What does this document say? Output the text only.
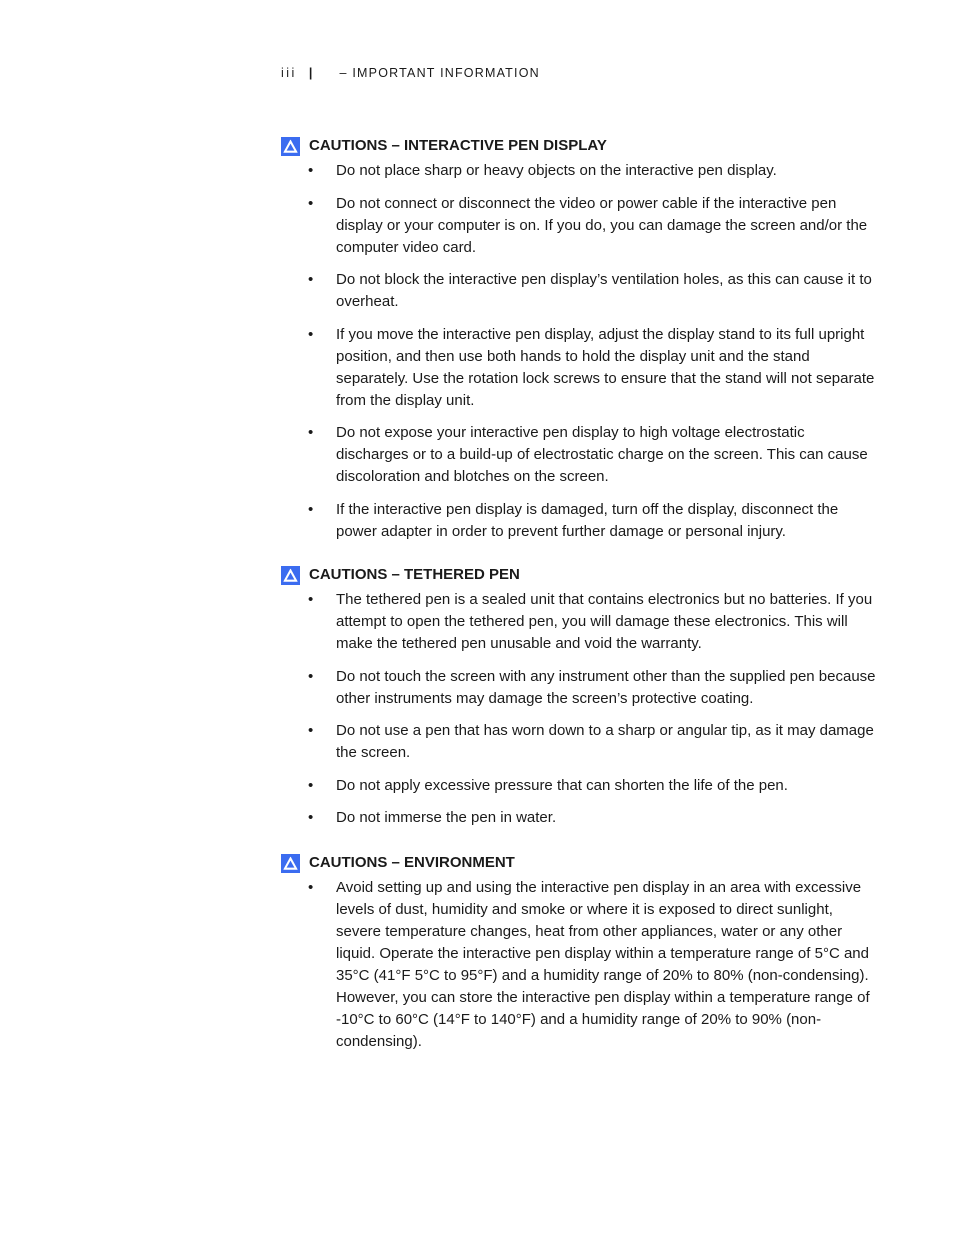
iii | – IMPORTANT INFORMATION
CAUTIONS – INTERACTIVE PEN DISPLAY
• Do not place sharp or heavy objects on the interactive pen display.
• Do not connect or disconnect the video or power cable if the interactive pen display or your computer is on. If you do, you can damage the screen and/or the computer video card.
• Do not block the interactive pen display’s ventilation holes, as this can cause it to overheat.
• If you move the interactive pen display, adjust the display stand to its full upright position, and then use both hands to hold the display unit and the stand separately. Use the rotation lock screws to ensure that the stand will not separate from the display unit.
• Do not expose your interactive pen display to high voltage electrostatic discharges or to a build-up of electrostatic charge on the screen. This can cause discoloration and blotches on the screen.
• If the interactive pen display is damaged, turn off the display, disconnect the power adapter in order to prevent further damage or personal injury.
CAUTIONS – TETHERED PEN
• The tethered pen is a sealed unit that contains electronics but no batteries. If you attempt to open the tethered pen, you will damage these electronics. This will make the tethered pen unusable and void the warranty.
• Do not touch the screen with any instrument other than the supplied pen because other instruments may damage the screen’s protective coating.
• Do not use a pen that has worn down to a sharp or angular tip, as it may damage the screen.
• Do not apply excessive pressure that can shorten the life of the pen.
• Do not immerse the pen in water.
CAUTIONS – ENVIRONMENT
• Avoid setting up and using the interactive pen display in an area with excessive levels of dust, humidity and smoke or where it is exposed to direct sunlight, severe temperature changes, heat from other appliances, water or any other liquid. Operate the interactive pen display within a temperature range of 5°C and 35°C (41°F 5°C to 95°F) and a humidity range of 20% to 80% (non-condensing). However, you can store the interactive pen display within a temperature range of -10°C to 60°C (14°F to 140°F) and a humidity range of 20% to 90% (non-condensing).
